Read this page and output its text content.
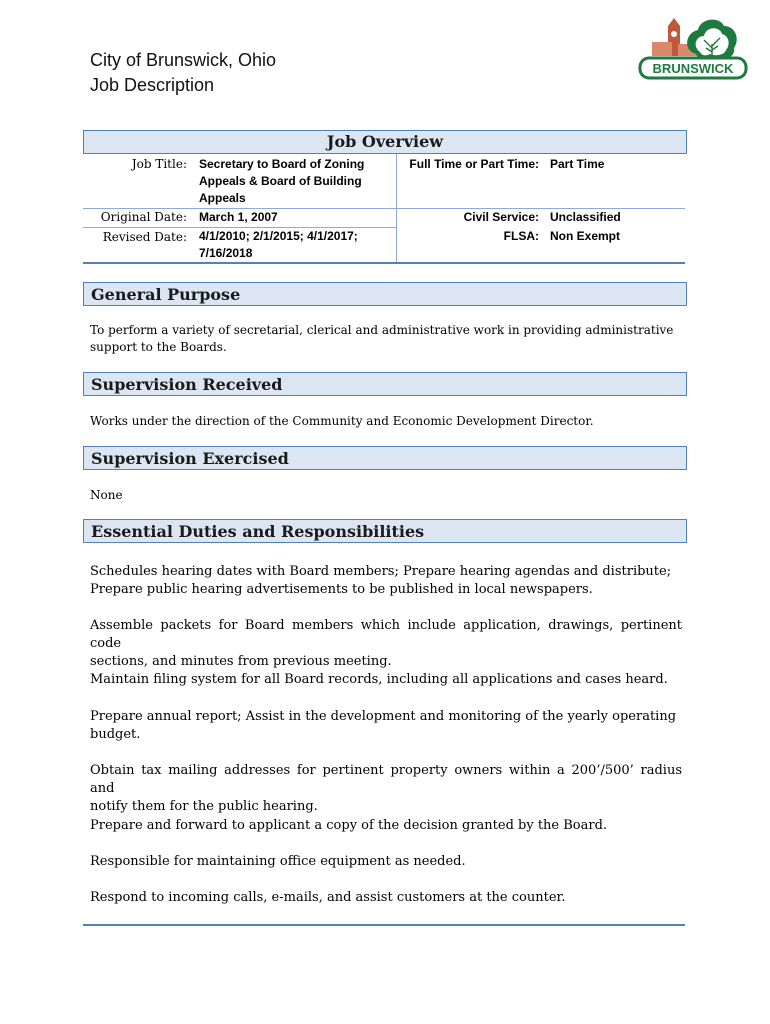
City of Brunswick, Ohio
Job Description
BRUNSWICK
Job Overview
Job Title: Secretary to Board of Zoning
Appeals & Board of Building
Appeals
Full Time or Part Time: Part Time
Original Date: March 1, 2007	Civil Service: Unclassified
Revised Date: 4/1/2010; 2/1/2015; 4/1/2017;
7/16/2018
FLSA: Non Exempt
General Purpose
To perform a variety of secretarial, clerical and administrative work in providing administrative
support to the Boards.
Supervision Received
Works under the direction of the Community and Economic Development Director.
Supervision Exercised
None
Essential Duties and Responsibilities
Schedules hearing dates with Board members; Prepare hearing agendas and distribute;
Prepare public hearing advertisements to be published in local newspapers.
Assemble packets for Board members which include application, drawings, pertinent code
sections, and minutes from previous meeting.
Maintain filing system for all Board records, including all applications and cases heard.
Prepare annual report; Assist in the development and monitoring of the yearly operating
budget.
Obtain tax mailing addresses for pertinent property owners within a 200’/500’ radius and
notify them for the public hearing.
Prepare and forward to applicant a copy of the decision granted by the Board.
Responsible for maintaining office equipment as needed.
Respond to incoming calls, e-mails, and assist customers at the counter.
